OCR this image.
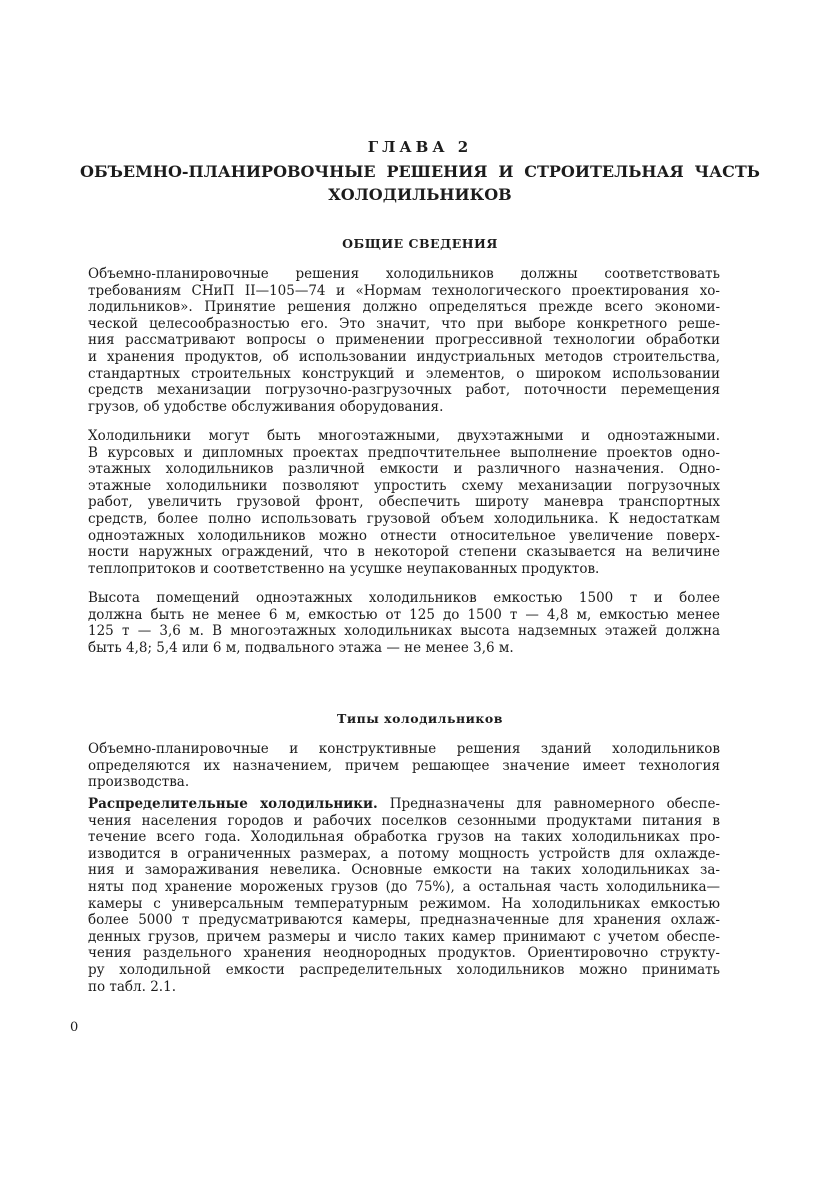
ГЛАВА 2
ОБЪЕМНО-ПЛАНИРОВОЧНЫЕ РЕШЕНИЯ И СТРОИТЕЛЬНАЯ ЧАСТЬ
ХОЛОДИЛЬНИКОВ
ОБЩИЕ СВЕДЕНИЯ
Объемно-планировочные решения холодильников должны соответствовать
требованиям СНиП II—105—74 и «Нормам технологического проектирования хо-
лодильников». Принятие решения должно определяться прежде всего экономи-
ческой целесообразностью его. Это значит, что при выборе конкретного реше-
ния рассматривают вопросы о применении прогрессивной технологии обработки
и хранения продуктов, об использовании индустриальных методов строительства,
стандартных строительных конструкций и элементов, о широком использовании
средств механизации погрузочно-разгрузочных работ, поточности перемещения
грузов, об удобстве обслуживания оборудования.
Холодильники могут быть многоэтажными, двухэтажными и одноэтажными.
В курсовых и дипломных проектах предпочтительнее выполнение проектов одно-
этажных холодильников различной емкости и различного назначения. Одно-
этажные холодильники позволяют упростить схему механизации погрузочных
работ, увеличить грузовой фронт, обеспечить широту маневра транспортных
средств, более полно использовать грузовой объем холодильника. К недостаткам
одноэтажных холодильников можно отнести относительное увеличение поверх-
ности наружных ограждений, что в некоторой степени сказывается на величине
теплопритоков и соответственно на усушке неупакованных продуктов.
Высота помещений одноэтажных холодильников емкостью 1500 т и более
должна быть не менее 6 м, емкостью от 125 до 1500 т — 4,8 м, емкостью менее
125 т — 3,6 м. В многоэтажных холодильниках высота надземных этажей должна
быть 4,8; 5,4 или 6 м, подвального этажа — не менее 3,6 м.
Типы холодильников
Объемно-планировочные и конструктивные решения зданий холодильников
определяются их назначением, причем решающее значение имеет технология
производства.
Распределительные холодильники. Предназначены для равномерного обеспе-
чения населения городов и рабочих поселков сезонными продуктами питания в
течение всего года. Холодильная обработка грузов на таких холодильниках про-
изводится в ограниченных размерах, а потому мощность устройств для охлажде-
ния и замораживания невелика. Основные емкости на таких холодильниках за-
няты под хранение мороженых грузов (до 75%), а остальная часть холодильника—
камеры с универсальным температурным режимом. На холодильниках емкостью
более 5000 т предусматриваются камеры, предназначенные для хранения охлаж-
денных грузов, причем размеры и число таких камер принимают с учетом обеспе-
чения раздельного хранения неоднородных продуктов. Ориентировочно структу-
ру холодильной емкости распределительных холодильников можно принимать
по табл. 2.1.
0
